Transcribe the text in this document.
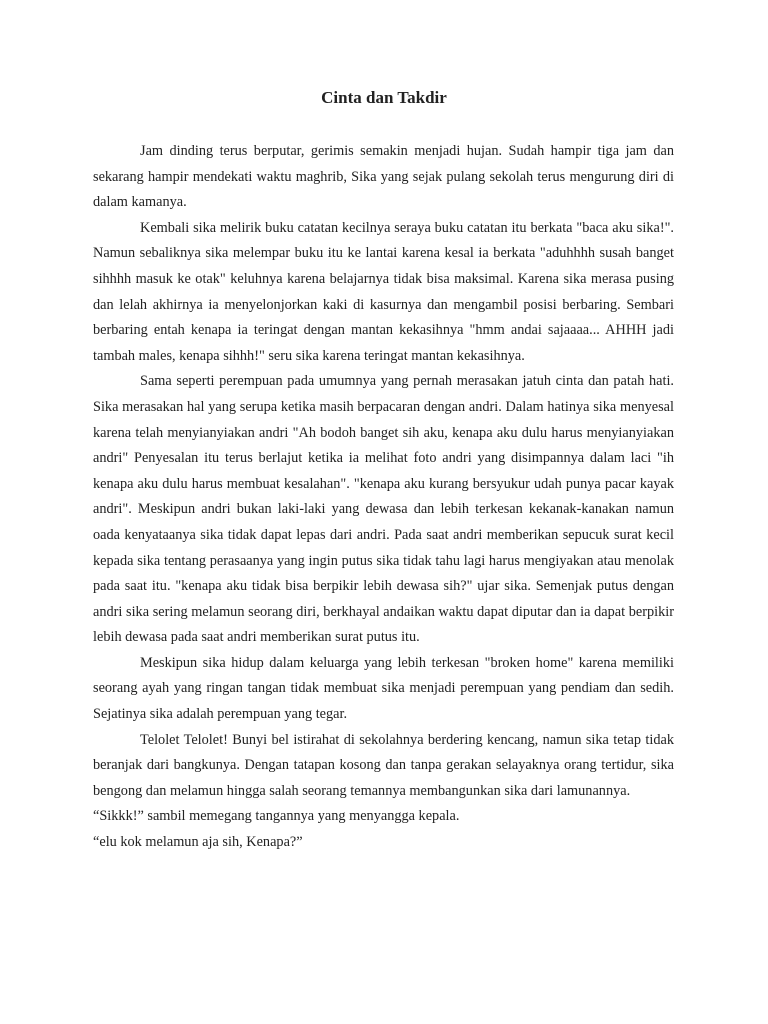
Cinta dan Takdir

Jam dinding terus berputar, gerimis semakin menjadi hujan. Sudah hampir tiga jam dan sekarang hampir mendekati waktu maghrib, Sika yang sejak pulang sekolah terus mengurung diri di dalam kamanya.

Kembali sika melirik buku catatan kecilnya seraya buku catatan itu berkata "baca aku sika!". Namun sebaliknya sika melempar buku itu ke lantai karena kesal ia berkata "aduhhhh susah banget sihhhh masuk ke otak" keluhnya karena belajarnya tidak bisa maksimal. Karena sika merasa pusing dan lelah akhirnya ia menyelonjorkan kaki di kasurnya dan mengambil posisi berbaring. Sembari berbaring entah kenapa ia teringat dengan mantan kekasihnya "hmm andai sajaaaa... AHHH jadi tambah males, kenapa sihhh!" seru sika karena teringat mantan kekasihnya.

Sama seperti perempuan pada umumnya yang pernah merasakan jatuh cinta dan patah hati. Sika merasakan hal yang serupa ketika masih berpacaran dengan andri. Dalam hatinya sika menyesal karena telah menyianyiakan andri "Ah bodoh banget sih aku, kenapa aku dulu harus menyianyiakan andri" Penyesalan itu terus berlajut ketika ia melihat foto andri yang disimpannya dalam laci "ih kenapa aku dulu harus membuat kesalahan". "kenapa aku kurang bersyukur udah punya pacar kayak andri". Meskipun andri bukan laki-laki yang dewasa dan lebih terkesan kekanak-kanakan namun oada kenyataanya sika tidak dapat lepas dari andri. Pada saat andri memberikan sepucuk surat kecil kepada sika tentang perasaanya yang ingin putus sika tidak tahu lagi harus mengiyakan atau menolak pada saat itu. "kenapa aku tidak bisa berpikir lebih dewasa sih?" ujar sika. Semenjak putus dengan andri sika sering melamun seorang diri, berkhayal andaikan waktu dapat diputar dan ia dapat berpikir lebih dewasa pada saat andri memberikan surat putus itu.

Meskipun sika hidup dalam keluarga yang lebih terkesan "broken home" karena memiliki seorang ayah yang ringan tangan tidak membuat sika menjadi perempuan yang pendiam dan sedih. Sejatinya sika adalah perempuan yang tegar.

Telolet Telolet! Bunyi bel istirahat di sekolahnya berdering kencang, namun sika tetap tidak beranjak dari bangkunya. Dengan tatapan kosong dan tanpa gerakan selayaknya orang tertidur, sika bengong dan melamun hingga salah seorang temannya membangunkan sika dari lamunannya.

“Sikkk!” sambil memegang tangannya yang menyangga kepala.

“elu kok melamun aja sih, Kenapa?”
